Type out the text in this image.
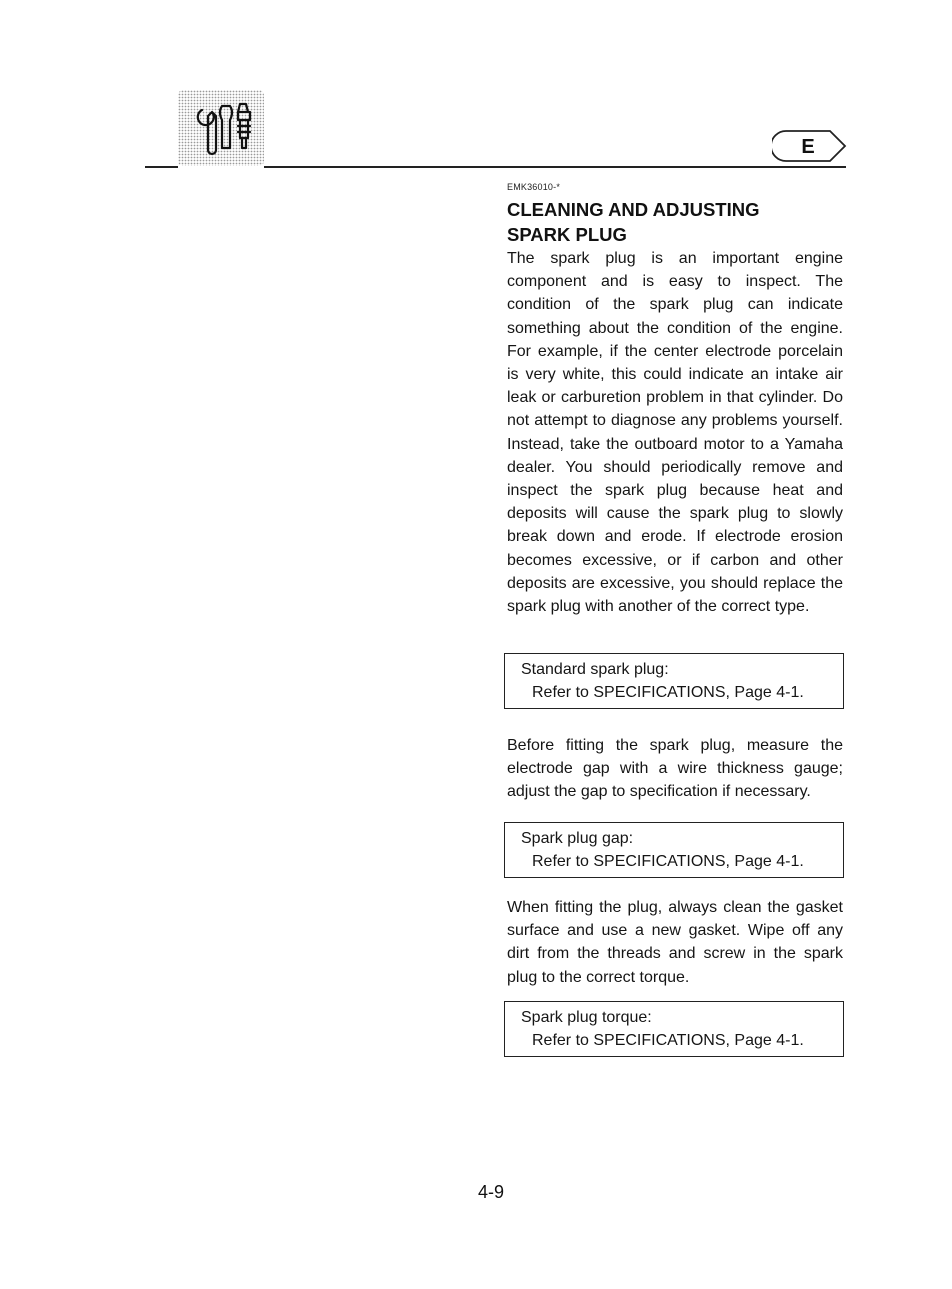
E
EMK36010-*
CLEANING AND ADJUSTING
SPARK PLUG

The spark plug is an important engine component and is easy to inspect. The condition of the spark plug can indicate something about the condition of the engine. For example, if the center electrode porcelain is very white, this could indicate an intake air leak or carburetion problem in that cylinder. Do not attempt to diagnose any problems yourself. Instead, take the outboard motor to a Yamaha dealer. You should periodically remove and inspect the spark plug because heat and deposits will cause the spark plug to slowly break down and erode. If electrode erosion becomes excessive, or if carbon and other deposits are excessive, you should replace the spark plug with another of the correct type.

Standard spark plug:
Refer to SPECIFICATIONS, Page 4-1.

Before fitting the spark plug, measure the electrode gap with a wire thickness gauge; adjust the gap to specification if necessary.

Spark plug gap:
Refer to SPECIFICATIONS, Page 4-1.

When fitting the plug, always clean the gasket surface and use a new gasket. Wipe off any dirt from the threads and screw in the spark plug to the correct torque.

Spark plug torque:
Refer to SPECIFICATIONS, Page 4-1.
4-9
